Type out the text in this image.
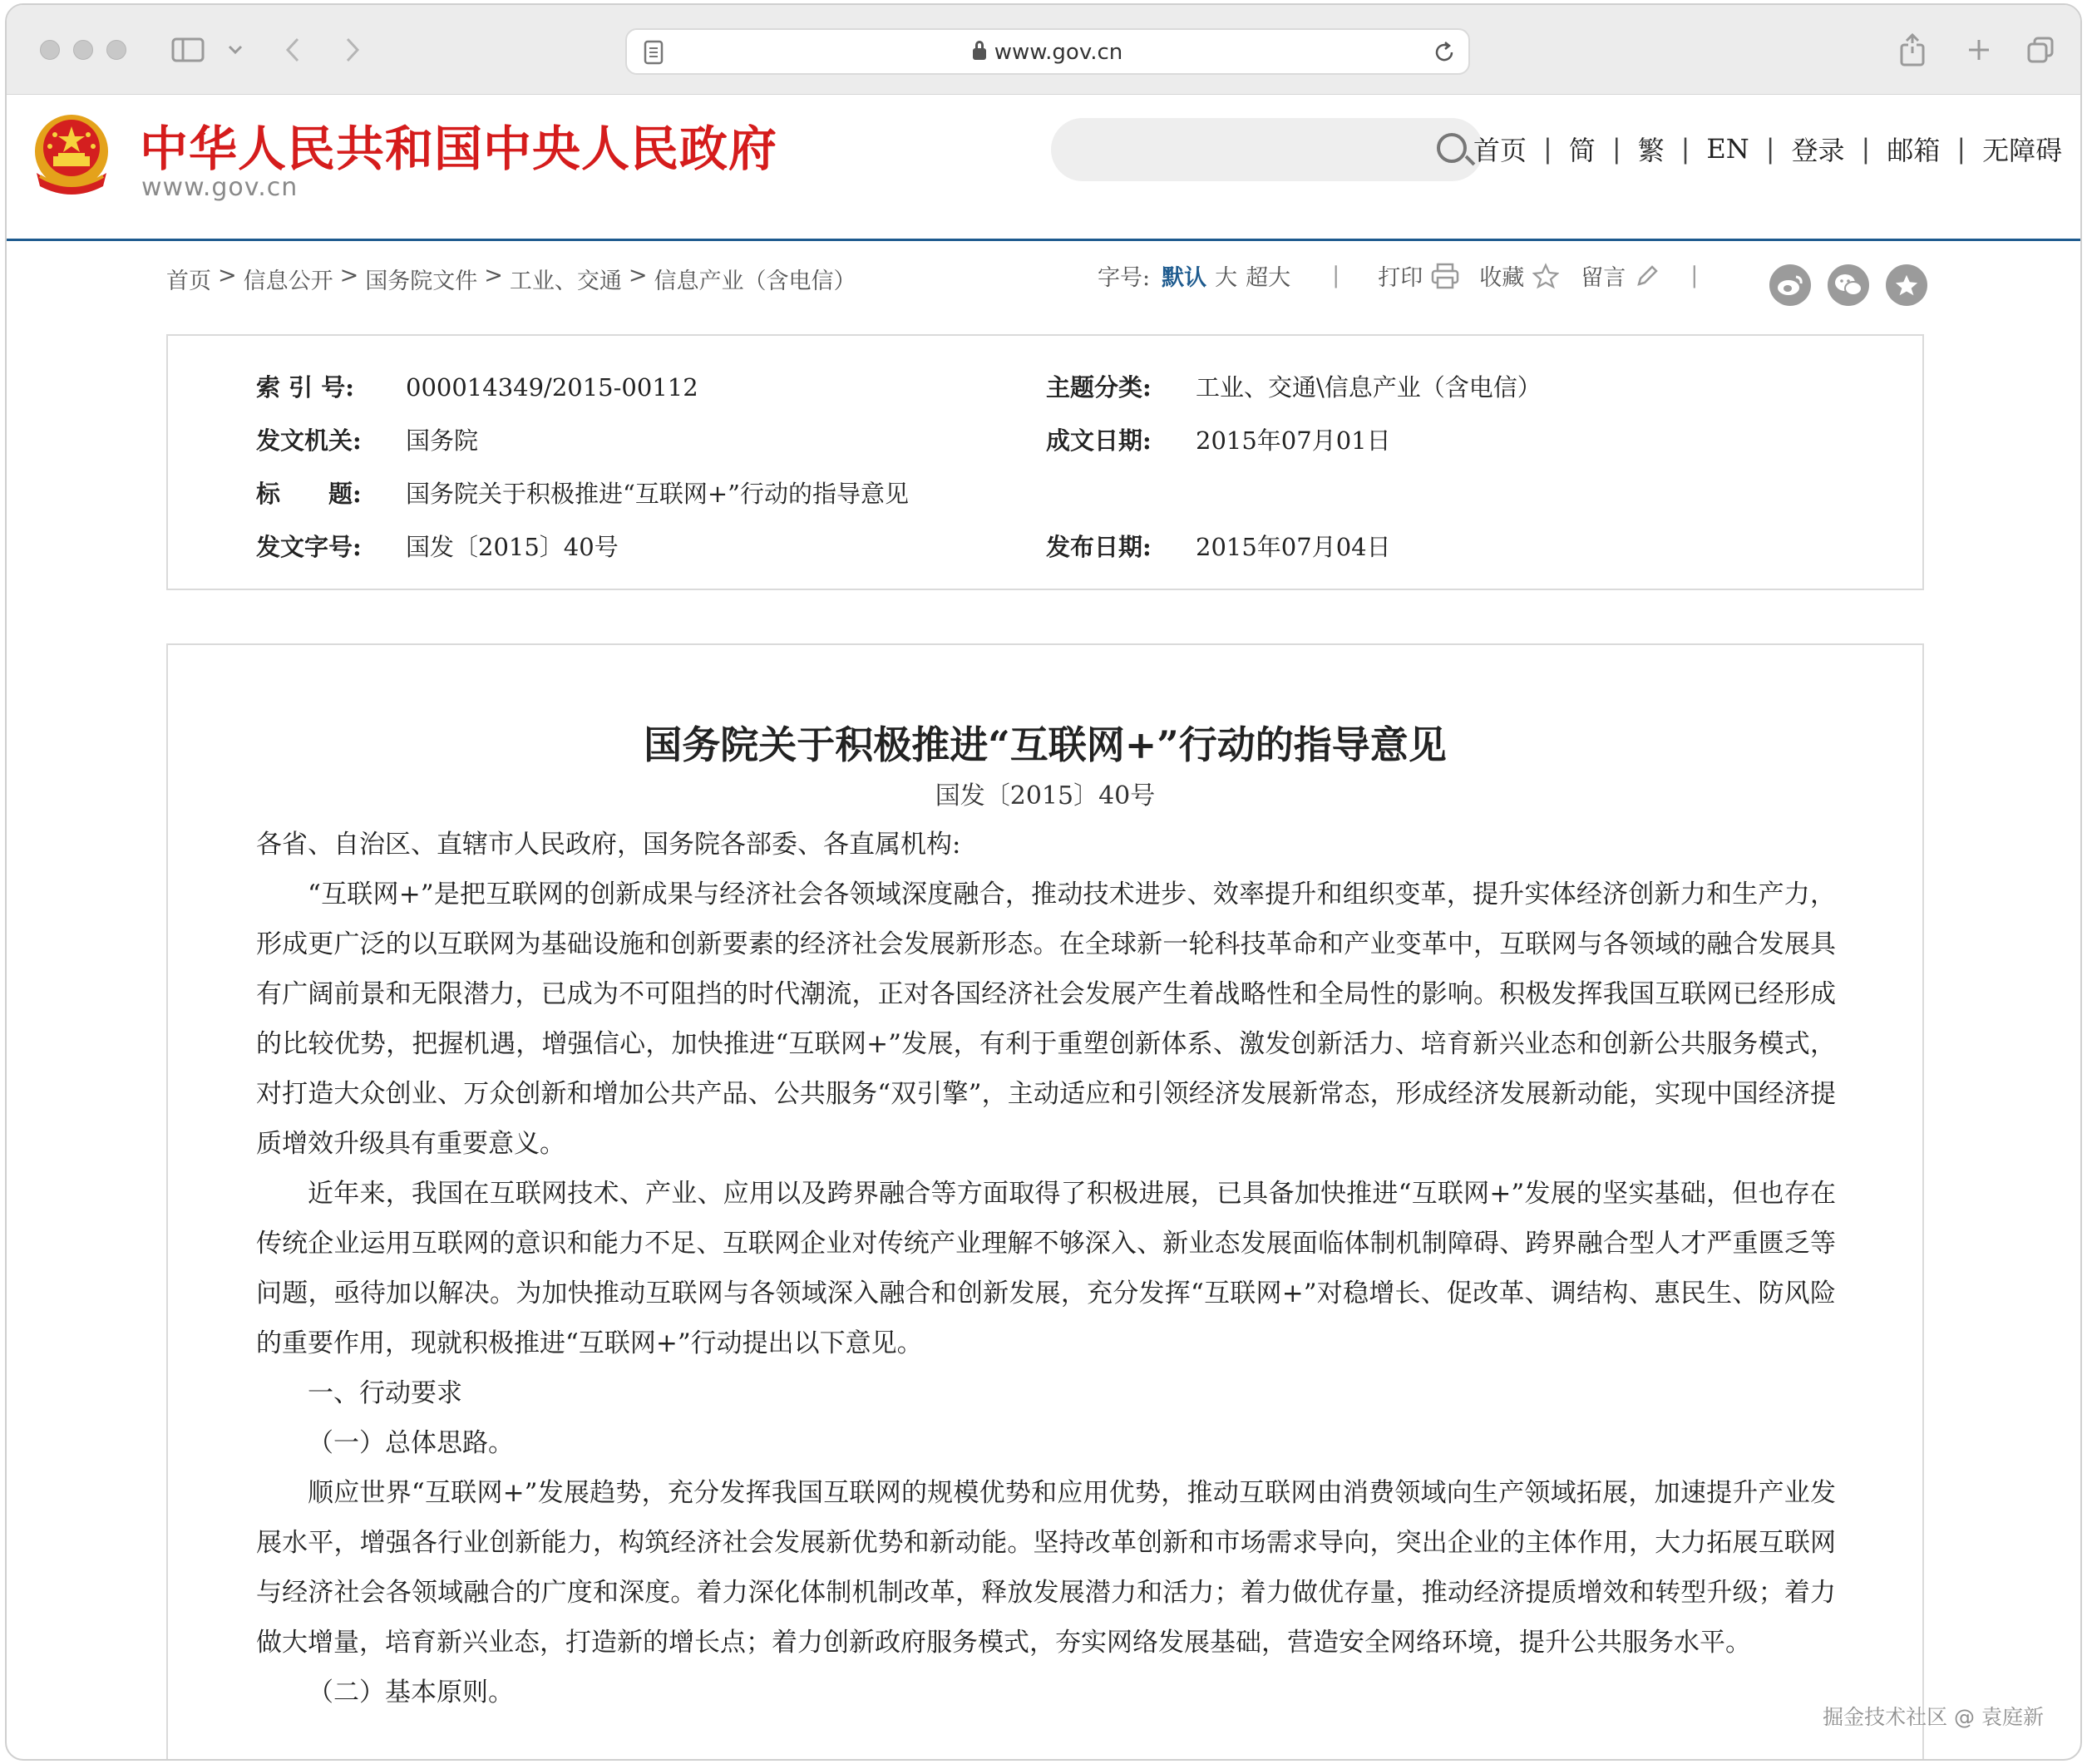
www.gov.cn
中华人民共和国中央人民政府
www.gov.cn
首页 | 简 | 繁 | EN | 登录 | 邮箱 | 无障碍
首页 > 信息公开 > 国务院文件 > 工业、交通 > 信息产业（含电信）	字号: 默认 大 超大 | 打印	收藏	留言	|
索 引 号: 000014349/2015-00112	主题分类: 工业、交通\信息产业（含电信）
发文机关: 国务院	成文日期: 2015年07月01日
标　　题: 国务院关于积极推进“互联网+”行动的指导意见
发文字号: 国发〔2015〕40号	发布日期: 2015年07月04日
国务院关于积极推进“互联网+”行动的指导意见
国发〔2015〕40号

各省、自治区、直辖市人民政府，国务院各部委、各直属机构:

“互联网+”是把互联网的创新成果与经济社会各领域深度融合，推动技术进步、效率提升和组织变革，提升实体经济创新力和生产力，形成更广泛的以互联网为基础设施和创新要素的经济社会发展新形态。在全球新一轮科技革命和产业变革中，互联网与各领域的融合发展具有广阔前景和无限潜力，已成为不可阻挡的时代潮流，正对各国经济社会发展产生着战略性和全局性的影响。积极发挥我国互联网已经形成的比较优势，把握机遇，增强信心，加快推进“互联网+”发展，有利于重塑创新体系、激发创新活力、培育新兴业态和创新公共服务模式，对打造大众创业、万众创新和增加公共产品、公共服务“双引擎”，主动适应和引领经济发展新常态，形成经济发展新动能，实现中国经济提质增效升级具有重要意义。

近年来，我国在互联网技术、产业、应用以及跨界融合等方面取得了积极进展，已具备加快推进“互联网+”发展的坚实基础，但也存在传统企业运用互联网的意识和能力不足、互联网企业对传统产业理解不够深入、新业态发展面临体制机制障碍、跨界融合型人才严重匮乏等问题，亟待加以解决。为加快推动互联网与各领域深入融合和创新发展，充分发挥“互联网+”对稳增长、促改革、调结构、惠民生、防风险的重要作用，现就积极推进“互联网+”行动提出以下意见。

一、行动要求

（一）总体思路。

顺应世界“互联网+”发展趋势，充分发挥我国互联网的规模优势和应用优势，推动互联网由消费领域向生产领域拓展，加速提升产业发展水平，增强各行业创新能力，构筑经济社会发展新优势和新动能。坚持改革创新和市场需求导向，突出企业的主体作用，大力拓展互联网与经济社会各领域融合的广度和深度。着力深化体制机制改革，释放发展潜力和活力；着力做优存量，推动经济提质增效和转型升级；着力做大增量，培育新兴业态，打造新的增长点；着力创新政府服务模式，夯实网络发展基础，营造安全网络环境，提升公共服务水平。

（二）基本原则。

掘金技术社区 @ 袁庭新
